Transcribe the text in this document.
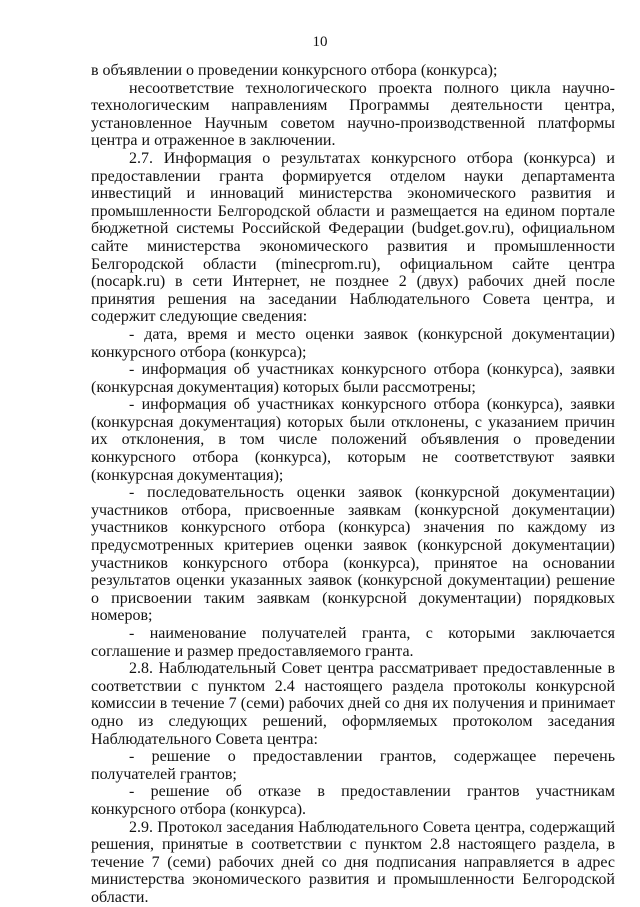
10

в объявлении о проведении конкурсного отбора (конкурса);

несоответствие технологического проекта полного цикла научно-технологическим направлениям Программы деятельности центра, установленное Научным советом научно-производственной платформы центра и отраженное в заключении.

2.7. Информация о результатах конкурсного отбора (конкурса) и предоставлении гранта формируется отделом науки департамента инвестиций и инноваций министерства экономического развития и промышленности Белгородской области и размещается на едином портале бюджетной системы Российской Федерации (budget.gov.ru), официальном сайте министерства экономического развития и промышленности Белгородской области (minecprom.ru), официальном сайте центра (nocapk.ru) в сети Интернет, не позднее 2 (двух) рабочих дней после принятия решения на заседании Наблюдательного Совета центра, и содержит следующие сведения:

- дата, время и место оценки заявок (конкурсной документации) конкурсного отбора (конкурса);

- информация об участниках конкурсного отбора (конкурса), заявки (конкурсная документация) которых были рассмотрены;

- информация об участниках конкурсного отбора (конкурса), заявки (конкурсная документация) которых были отклонены, с указанием причин их отклонения, в том числе положений объявления о проведении конкурсного отбора (конкурса), которым не соответствуют заявки (конкурсная документация);

- последовательность оценки заявок (конкурсной документации) участников отбора, присвоенные заявкам (конкурсной документации) участников конкурсного отбора (конкурса) значения по каждому из предусмотренных критериев оценки заявок (конкурсной документации) участников конкурсного отбора (конкурса), принятое на основании результатов оценки указанных заявок (конкурсной документации) решение о присвоении таким заявкам (конкурсной документации) порядковых номеров;

- наименование получателей гранта, с которыми заключается соглашение и размер предоставляемого гранта.

2.8. Наблюдательный Совет центра рассматривает предоставленные в соответствии с пунктом 2.4 настоящего раздела протоколы конкурсной комиссии в течение 7 (семи) рабочих дней со дня их получения и принимает одно из следующих решений, оформляемых протоколом заседания Наблюдательного Совета центра:

- решение о предоставлении грантов, содержащее перечень получателей грантов;

- решение об отказе в предоставлении грантов участникам конкурсного отбора (конкурса).

2.9. Протокол заседания Наблюдательного Совета центра, содержащий решения, принятые в соответствии с пунктом 2.8 настоящего раздела, в течение 7 (семи) рабочих дней со дня подписания направляется в адрес министерства экономического развития и промышленности Белгородской области.
